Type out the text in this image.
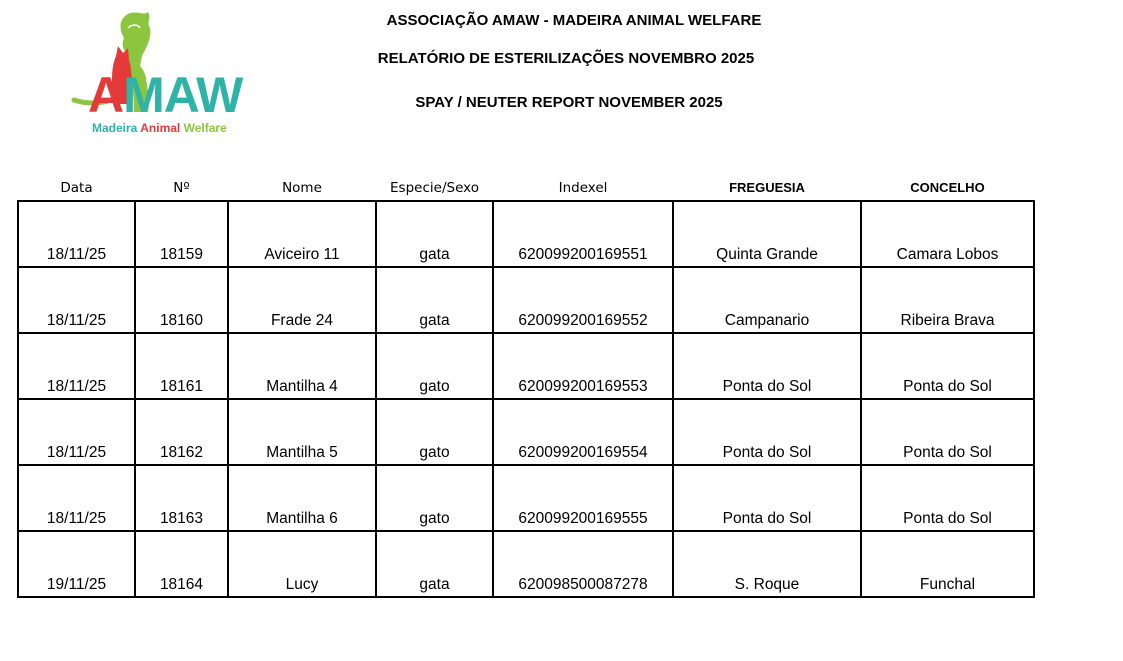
AMAW
Madeira Animal Welfare
ASSOCIAÇÃO AMAW - MADEIRA ANIMAL WELFARE
RELATÓRIO DE ESTERILIZAÇÕES NOVEMBRO 2025
SPAY / NEUTER REPORT NOVEMBER 2025
Data	Nº	Nome	Especie/Sexo	Indexel	FREGUESIA	CONCELHO
18/11/25	18159	Aviceiro 11	gata	620099200169551	Quinta Grande	Camara Lobos
18/11/25	18160	Frade 24	gata	620099200169552	Campanario	Ribeira Brava
18/11/25	18161	Mantilha 4	gato	620099200169553	Ponta do Sol	Ponta do Sol
18/11/25	18162	Mantilha 5	gato	620099200169554	Ponta do Sol	Ponta do Sol
18/11/25	18163	Mantilha 6	gato	620099200169555	Ponta do Sol	Ponta do Sol
19/11/25	18164	Lucy	gata	620098500087278	S. Roque	Funchal
